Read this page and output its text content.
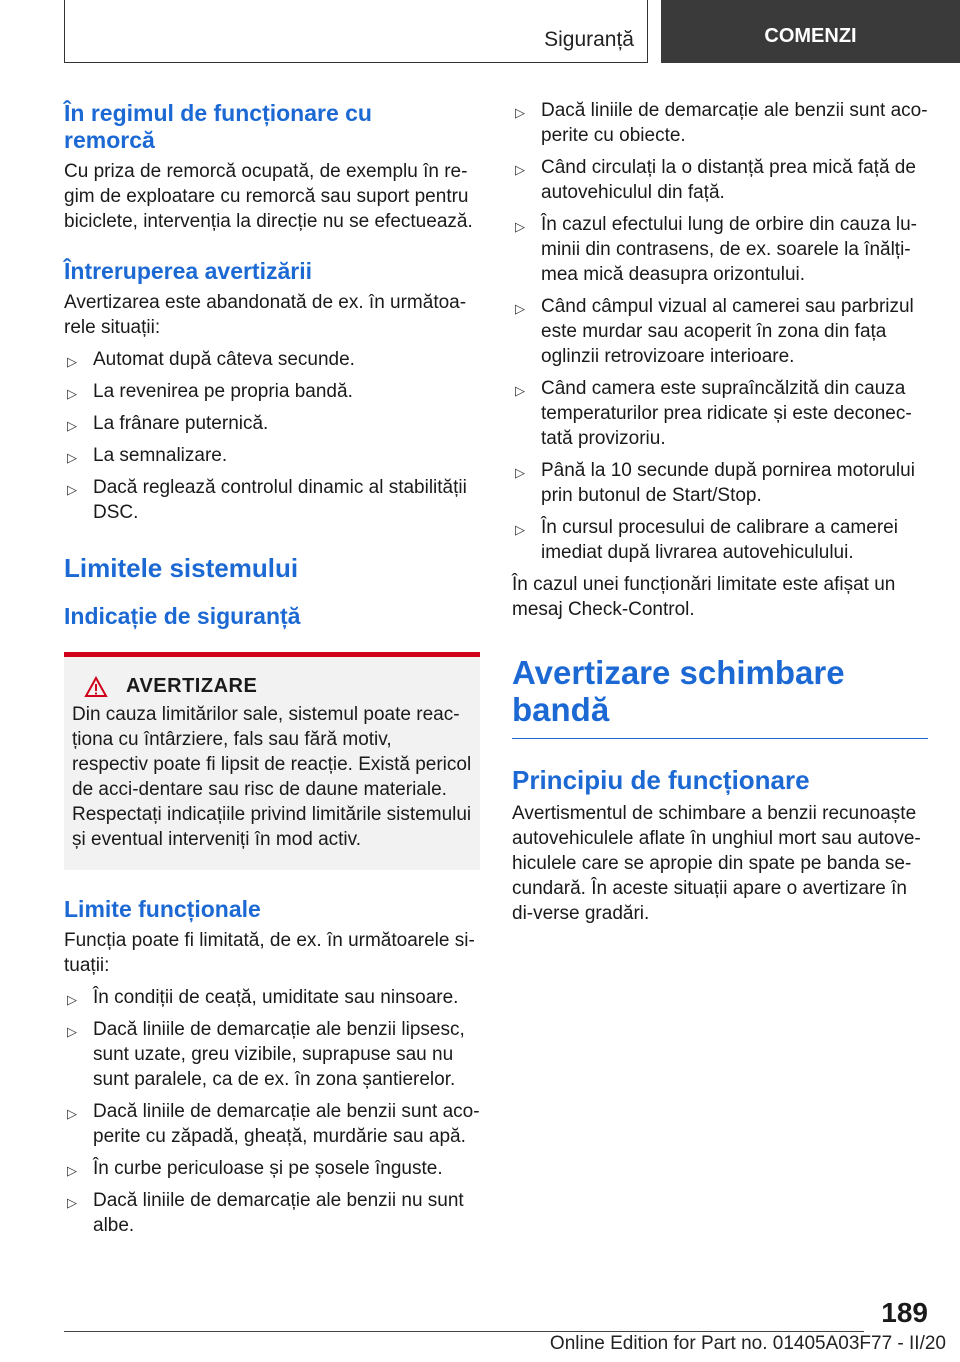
Siguranță	COMENZI
În regimul de funcționare cu remorcă

Cu priza de remorcă ocupată, de exemplu în re-gim de exploatare cu remorcă sau suport pentru biciclete, intervenția la direcție nu se efectuează.

Întreruperea avertizării

Avertizarea este abandonată de ex. în următoa-rele situații:

▷ Automat după câteva secunde.
▷ La revenirea pe propria bandă.
▷ La frânare puternică.
▷ La semnalizare.
▷ Dacă reglează controlul dinamic al stabilității DSC.
Limitele sistemului
Indicație de siguranță
AVERTIZARE

Din cauza limitărilor sale, sistemul poate reac-ționa cu întârziere, fals sau fără motiv, respectiv poate fi lipsit de reacție. Există pericol de acci-dentare sau risc de daune materiale. Respectați indicațiile privind limitările sistemului și eventual interveniți în mod activ.

Limite funcționale

Funcția poate fi limitată, de ex. în următoarele si-tuații:

▷ În condiții de ceață, umiditate sau ninsoare.
▷ Dacă liniile de demarcație ale benzii lipsesc, sunt uzate, greu vizibile, suprapuse sau nu sunt paralele, ca de ex. în zona șantierelor.
▷ Dacă liniile de demarcație ale benzii sunt aco-perite cu zăpadă, gheață, murdărie sau apă.
▷ În curbe periculoase și pe șosele înguste.
▷ Dacă liniile de demarcație ale benzii nu sunt albe.
▷ Dacă liniile de demarcație ale benzii sunt aco-perite cu obiecte.
▷ Când circulați la o distanță prea mică față de autovehiculul din față.
▷ În cazul efectului lung de orbire din cauza lu-minii din contrasens, de ex. soarele la înălți-mea mică deasupra orizontului.
▷ Când câmpul vizual al camerei sau parbrizul este murdar sau acoperit în zona din fața oglinzii retrovizoare interioare.
▷ Când camera este supraîncălzită din cauza temperaturilor prea ridicate și este deconec-tată provizoriu.
▷ Până la 10 secunde după pornirea motorului prin butonul de Start/Stop.
▷ În cursul procesului de calibrare a camerei imediat după livrarea autovehiculului.

În cazul unei funcționări limitate este afișat un mesaj Check-Control.

Avertizare schimbare bandă
Principiu de funcționare

Avertismentul de schimbare a benzii recunoaște autovehiculele aflate în unghiul mort sau autove-hiculele care se apropie din spate pe banda se-cundară. În aceste situații apare o avertizare în di-verse gradări.

189
Online Edition for Part no. 01405A03F77 - II/20
